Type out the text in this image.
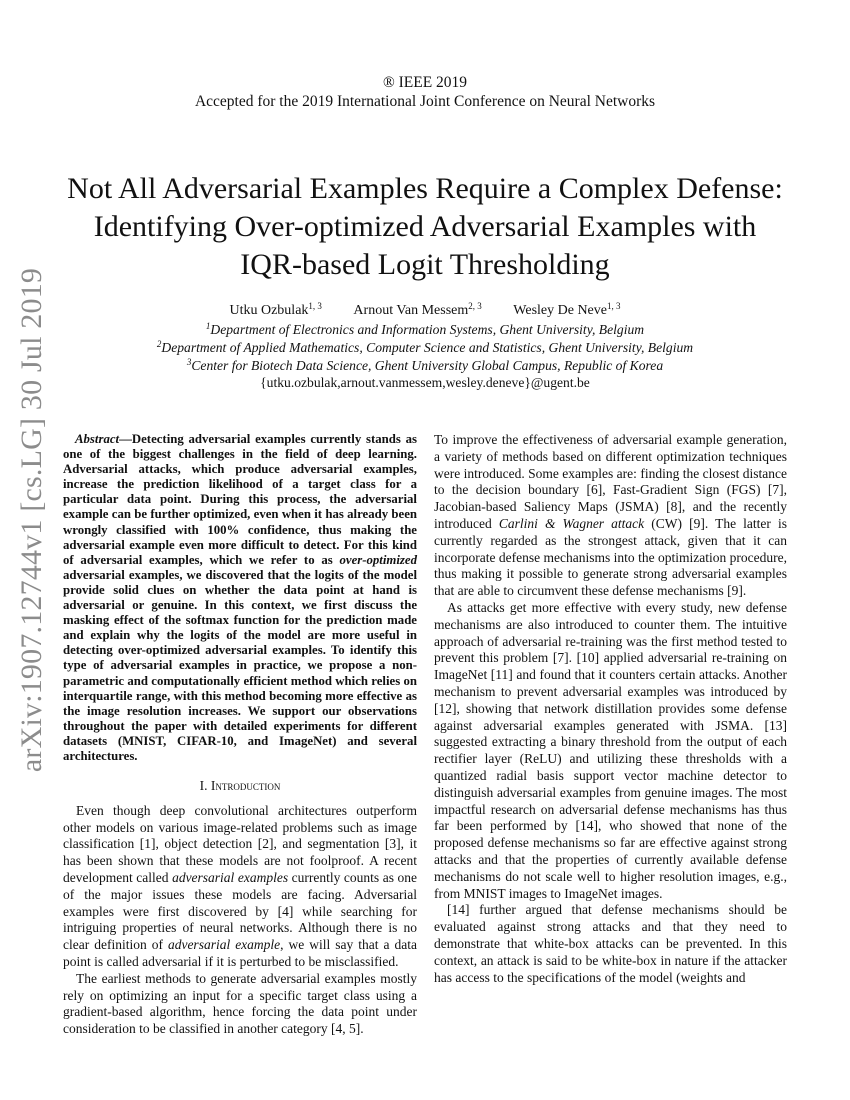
arXiv:1907.12744v1 [cs.LG] 30 Jul 2019
® IEEE 2019
Accepted for the 2019 International Joint Conference on Neural Networks
Not All Adversarial Examples Require a Complex Defense: Identifying Over-optimized Adversarial Examples with IQR-based Logit Thresholding
Utku Ozbulak$^{1, 3}$ Arnout Van Messem$^{2, 3}$ Wesley De Neve$^{1, 3}$
$^1$Department of Electronics and Information Systems, Ghent University, Belgium
$^2$Department of Applied Mathematics, Computer Science and Statistics, Ghent University, Belgium
$^3$Center for Biotech Data Science, Ghent University Global Campus, Republic of Korea
{utku.ozbulak,arnout.vanmessem,wesley.deneve}@ugent.be

Abstract—Detecting adversarial examples currently stands as one of the biggest challenges in the field of deep learning. Adversarial attacks, which produce adversarial examples, increase the prediction likelihood of a target class for a particular data point. During this process, the adversarial example can be further optimized, even when it has already been wrongly classified with 100% confidence, thus making the adversarial example even more difficult to detect. For this kind of adversarial examples, which we refer to as over-optimized adversarial examples, we discovered that the logits of the model provide solid clues on whether the data point at hand is adversarial or genuine. In this context, we first discuss the masking effect of the softmax function for the prediction made and explain why the logits of the model are more useful in detecting over-optimized adversarial examples. To identify this type of adversarial examples in practice, we propose a non-parametric and computationally efficient method which relies on interquartile range, with this method becoming more effective as the image resolution increases. We support our observations throughout the paper with detailed experiments for different datasets (MNIST, CIFAR-10, and ImageNet) and several architectures.

I. Introduction

Even though deep convolutional architectures outperform other models on various image-related problems such as image classification [1], object detection [2], and segmentation [3], it has been shown that these models are not foolproof. A recent development called adversarial examples currently counts as one of the major issues these models are facing. Adversarial examples were first discovered by [4] while searching for intriguing properties of neural networks. Although there is no clear definition of adversarial example, we will say that a data point is called adversarial if it is perturbed to be misclassified.

The earliest methods to generate adversarial examples mostly rely on optimizing an input for a specific target class using a gradient-based algorithm, hence forcing the data point under consideration to be classified in another category [4, 5].

To improve the effectiveness of adversarial example generation, a variety of methods based on different optimization techniques were introduced. Some examples are: finding the closest distance to the decision boundary [6], Fast-Gradient Sign (FGS) [7], Jacobian-based Saliency Maps (JSMA) [8], and the recently introduced Carlini & Wagner attack (CW) [9]. The latter is currently regarded as the strongest attack, given that it can incorporate defense mechanisms into the optimization procedure, thus making it possible to generate strong adversarial examples that are able to circumvent these defense mechanisms [9].

As attacks get more effective with every study, new defense mechanisms are also introduced to counter them. The intuitive approach of adversarial re-training was the first method tested to prevent this problem [7]. [10] applied adversarial re-training on ImageNet [11] and found that it counters certain attacks. Another mechanism to prevent adversarial examples was introduced by [12], showing that network distillation provides some defense against adversarial examples generated with JSMA. [13] suggested extracting a binary threshold from the output of each rectifier layer (ReLU) and utilizing these thresholds with a quantized radial basis support vector machine detector to distinguish adversarial examples from genuine images. The most impactful research on adversarial defense mechanisms has thus far been performed by [14], who showed that none of the proposed defense mechanisms so far are effective against strong attacks and that the properties of currently available defense mechanisms do not scale well to higher resolution images, e.g., from MNIST images to ImageNet images.

[14] further argued that defense mechanisms should be evaluated against strong attacks and that they need to demonstrate that white-box attacks can be prevented. In this context, an attack is said to be white-box in nature if the attacker has access to the specifications of the model (weights and
